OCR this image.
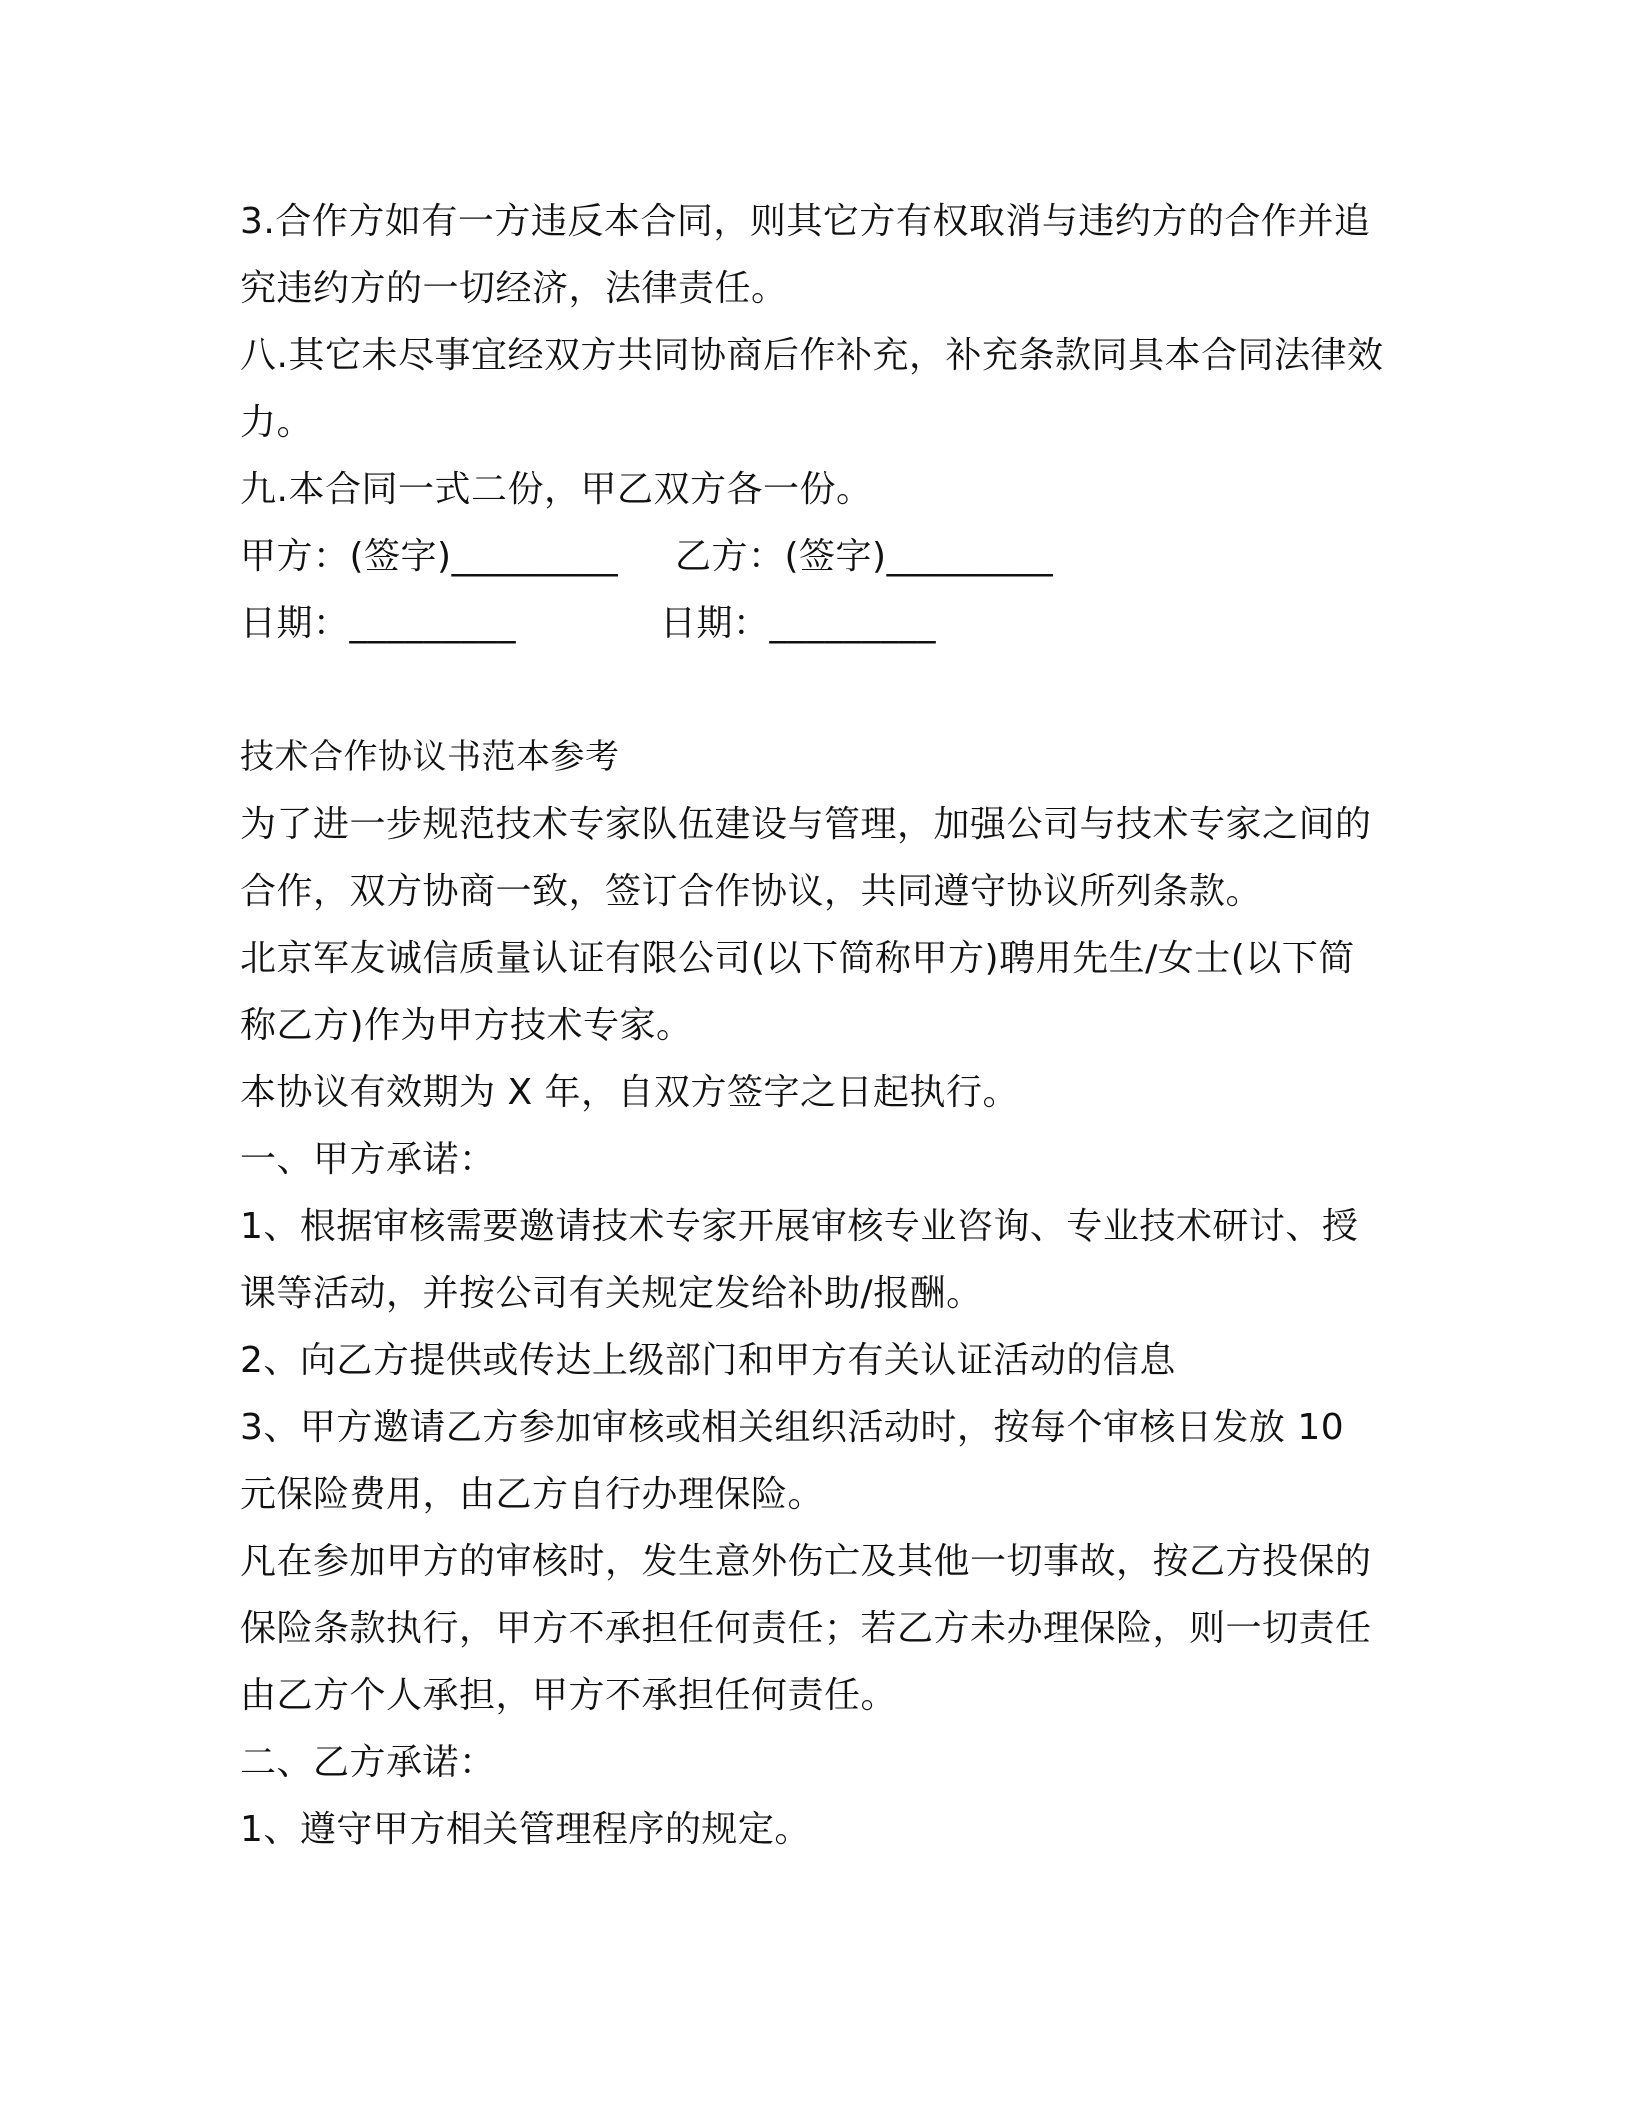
3.合作方如有一方违反本合同，则其它方有权取消与违约方的合作并追究违约方的一切经济，法律责任。

八.其它未尽事宜经双方共同协商后作补充，补充条款同具本合同法律效力。

九.本合同一式二份，甲乙双方各一份。

甲方：(签字)_________ 乙方：(签字)_________
日期：_________	日期：_________

技术合作协议书范本参考

为了进一步规范技术专家队伍建设与管理，加强公司与技术专家之间的合作，双方协商一致，签订合作协议，共同遵守协议所列条款。

北京军友诚信质量认证有限公司(以下简称甲方)聘用先生/女士(以下简称乙方)作为甲方技术专家。

本协议有效期为 X 年，自双方签字之日起执行。

一、甲方承诺：

1、根据审核需要邀请技术专家开展审核专业咨询、专业技术研讨、授课等活动，并按公司有关规定发给补助/报酬。

2、向乙方提供或传达上级部门和甲方有关认证活动的信息

3、甲方邀请乙方参加审核或相关组织活动时，按每个审核日发放 10 元保险费用，由乙方自行办理保险。

凡在参加甲方的审核时，发生意外伤亡及其他一切事故，按乙方投保的保险条款执行，甲方不承担任何责任；若乙方未办理保险，则一切责任由乙方个人承担，甲方不承担任何责任。

二、乙方承诺：

1、遵守甲方相关管理程序的规定。
